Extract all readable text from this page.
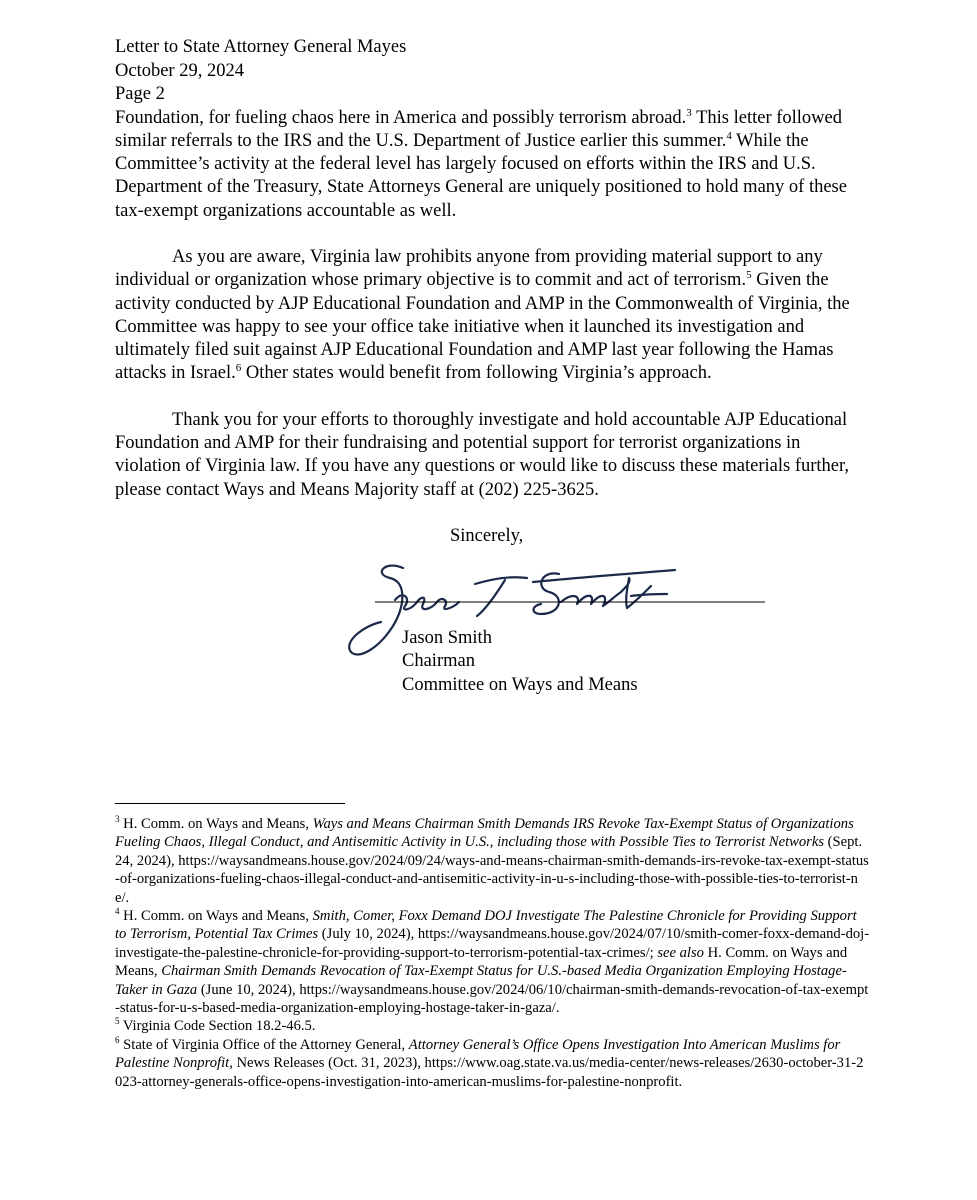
Letter to State Attorney General Mayes

October 29, 2024

Page 2

Foundation, for fueling chaos here in America and possibly terrorism abroad.$^3$ This letter followed similar referrals to the IRS and the U.S. Department of Justice earlier this summer.$^4$ While the Committee’s activity at the federal level has largely focused on efforts within the IRS and U.S. Department of the Treasury, State Attorneys General are uniquely positioned to hold many of these tax-exempt organizations accountable as well.

As you are aware, Virginia law prohibits anyone from providing material support to any individual or organization whose primary objective is to commit and act of terrorism.$^5$ Given the activity conducted by AJP Educational Foundation and AMP in the Commonwealth of Virginia, the Committee was happy to see your office take initiative when it launched its investigation and ultimately filed suit against AJP Educational Foundation and AMP last year following the Hamas attacks in Israel.$^6$ Other states would benefit from following Virginia’s approach.

Thank you for your efforts to thoroughly investigate and hold accountable AJP Educational Foundation and AMP for their fundraising and potential support for terrorist organizations in violation of Virginia law. If you have any questions or would like to discuss these materials further, please contact Ways and Means Majority staff at (202) 225-3625.

Sincerely,
Jason Smith
Chairman
Committee on Ways and Means

$^3$ H. Comm. on Ways and Means, Ways and Means Chairman Smith Demands IRS Revoke Tax-Exempt Status of Organizations Fueling Chaos, Illegal Conduct, and Antisemitic Activity in U.S., including those with Possible Ties to Terrorist Networks (Sept. 24, 2024), https://waysandmeans.house.gov/2024/09/24/ways-and-means-chairman-smith-demands-irs-revoke-tax-exempt-status-of-organizations-fueling-chaos-illegal-conduct-and-antisemitic-activity-in-u-s-including-those-with-possible-ties-to-terrorist-ne/.

$^4$ H. Comm. on Ways and Means, Smith, Comer, Foxx Demand DOJ Investigate The Palestine Chronicle for Providing Support to Terrorism, Potential Tax Crimes (July 10, 2024), https://waysandmeans.house.gov/2024/07/10/smith-comer-foxx-demand-doj-investigate-the-palestine-chronicle-for-providing-support-to-terrorism-potential-tax-crimes/; see also H. Comm. on Ways and Means, Chairman Smith Demands Revocation of Tax-Exempt Status for U.S.-based Media Organization Employing Hostage-Taker in Gaza (June 10, 2024), https://waysandmeans.house.gov/2024/06/10/chairman-smith-demands-revocation-of-tax-exempt-status-for-u-s-based-media-organization-employing-hostage-taker-in-gaza/.

$^5$ Virginia Code Section 18.2-46.5.

$^6$ State of Virginia Office of the Attorney General, Attorney General’s Office Opens Investigation Into American Muslims for Palestine Nonprofit, News Releases (Oct. 31, 2023), https://www.oag.state.va.us/media-center/news-releases/2630-october-31-2023-attorney-generals-office-opens-investigation-into-american-muslims-for-palestine-nonprofit.
